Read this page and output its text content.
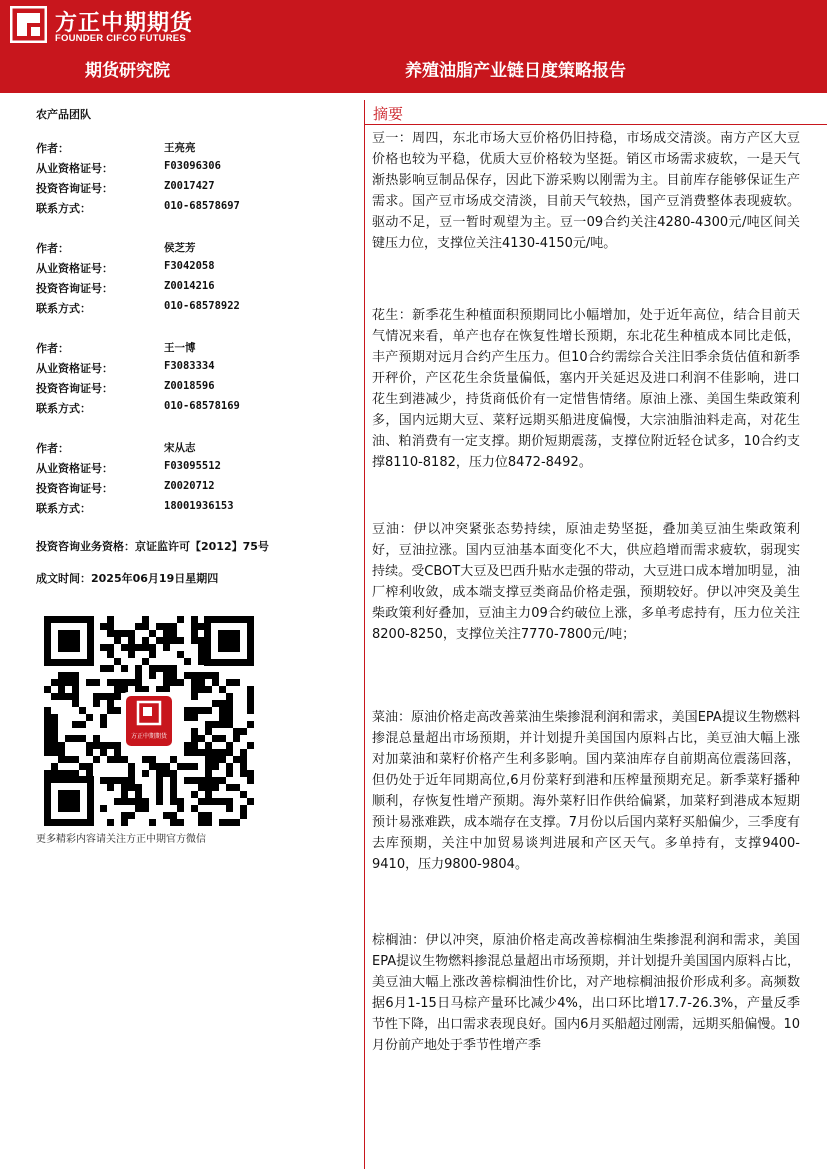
方正中期期货
FOUNDER CIFCO FUTURES
期货研究院	养殖油脂产业链日度策略报告
农产品团队
作者：	王亮亮
从业资格证号：	F03096306
投资咨询证号：	Z0017427
联系方式：	010-68578697
作者：	侯芝芳
从业资格证号：	F3042058
投资咨询证号：	Z0014216
联系方式：	010-68578922
作者：	王一博
从业资格证号：	F3083334
投资咨询证号：	Z0018596
联系方式：	010-68578169
作者：	宋从志
从业资格证号：	F03095512
投资咨询证号：	Z0020712
联系方式：	18001936153
投资咨询业务资格：京证监许可【2012】75号
成文时间：2025年06月19日星期四
方正中期期货
更多精彩内容请关注方正中期官方微信
摘要
豆一：周四，东北市场大豆价格仍旧持稳，市场成交清淡。南方产区大豆价格也较为平稳，优质大豆价格较为坚挺。销区市场需求疲软，一是天气渐热影响豆制品保存，因此下游采购以刚需为主。目前库存能够保证生产需求。国产豆市场成交清淡，目前天气较热，国产豆消费整体表现疲软。驱动不足，豆一暂时观望为主。豆一09合约关注4280-4300元/吨区间关键压力位，支撑位关注4130-4150元/吨。
花生：新季花生种植面积预期同比小幅增加，处于近年高位，结合目前天气情况来看，单产也存在恢复性增长预期，东北花生种植成本同比走低，丰产预期对远月合约产生压力。但10合约需综合关注旧季余货估值和新季开秤价，产区花生余货量偏低，塞内开关延迟及进口利润不佳影响，进口花生到港减少，持货商低价有一定惜售情绪。原油上涨、美国生柴政策利多，国内远期大豆、菜籽远期买船进度偏慢，大宗油脂油料走高，对花生油、粕消费有一定支撑。期价短期震荡，支撑位附近轻仓试多，10合约支撑8110-8182，压力位8472-8492。
豆油：伊以冲突紧张态势持续，原油走势坚挺，叠加美豆油生柴政策利好，豆油拉涨。国内豆油基本面变化不大，供应趋增而需求疲软，弱现实持续。受CBOT大豆及巴西升贴水走强的带动，大豆进口成本增加明显，油厂榨利收敛，成本端支撑豆类商品价格走强，预期较好。伊以冲突及美生柴政策利好叠加，豆油主力09合约破位上涨，多单考虑持有，压力位关注8200-8250，支撑位关注7770-7800元/吨；
菜油：原油价格走高改善菜油生柴掺混利润和需求，美国EPA提议生物燃料掺混总量超出市场预期，并计划提升美国国内原料占比，美豆油大幅上涨对加菜油和菜籽价格产生利多影响。国内菜油库存自前期高位震荡回落，但仍处于近年同期高位,6月份菜籽到港和压榨量预期充足。新季菜籽播种顺利，存恢复性增产预期。海外菜籽旧作供给偏紧，加菜籽到港成本短期预计易涨难跌，成本端存在支撑。7月份以后国内菜籽买船偏少，三季度有去库预期，关注中加贸易谈判进展和产区天气。多单持有，支撑9400-9410，压力9800-9804。
棕榈油：伊以冲突，原油价格走高改善棕榈油生柴掺混利润和需求，美国EPA提议生物燃料掺混总量超出市场预期，并计划提升美国国内原料占比，美豆油大幅上涨改善棕榈油性价比，对产地棕榈油报价形成利多。高频数据6月1-15日马棕产量环比减少4%，出口环比增17.7-26.3%，产量反季节性下降，出口需求表现良好。国内6月买船超过刚需，远期买船偏慢。10月份前产地处于季节性增产季
